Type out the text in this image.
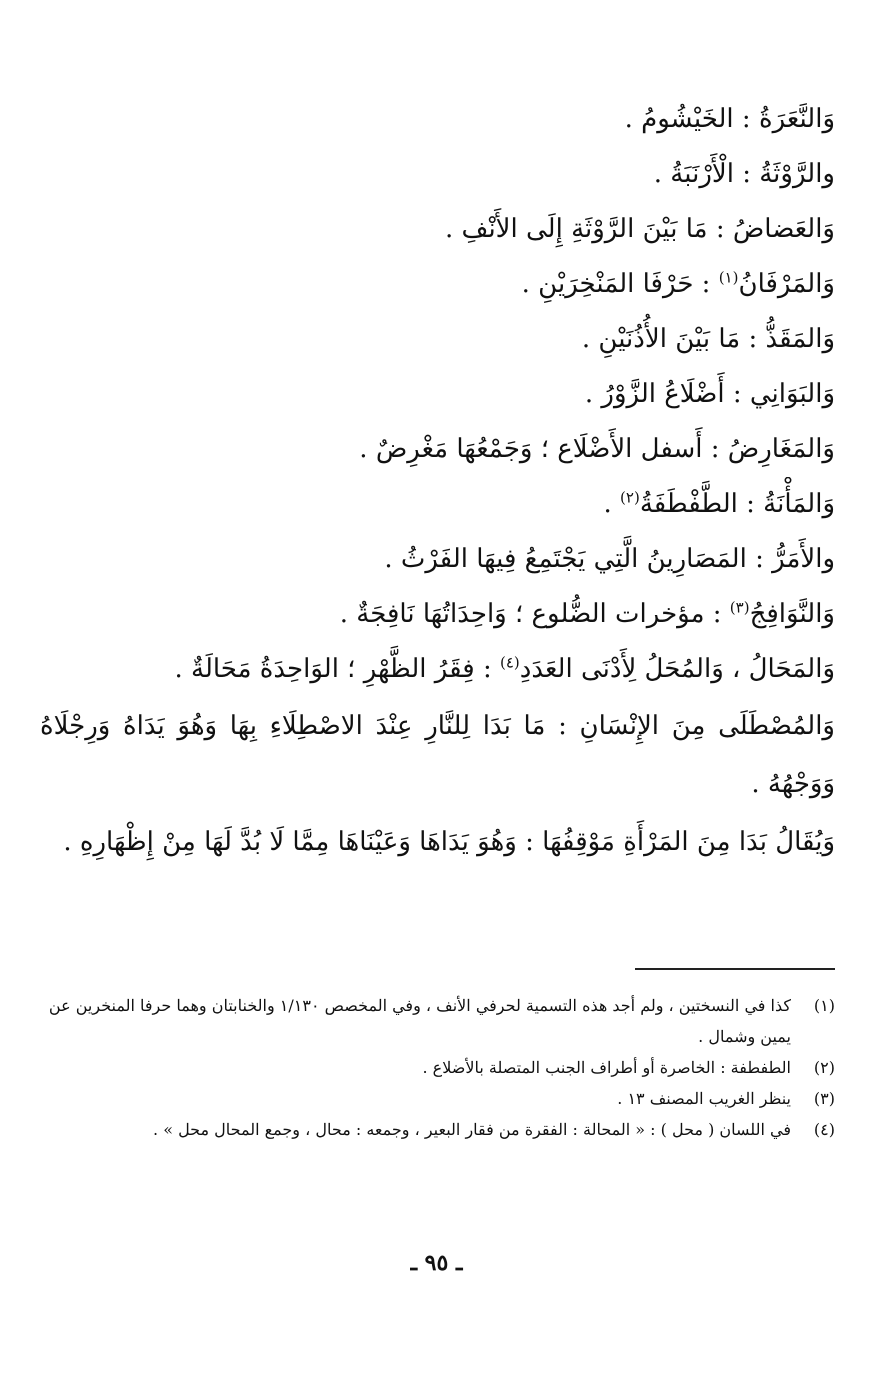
وَالنَّعَرَةُ : الخَيْشُومُ .
والرَّوْثَةُ : الْأَرْنَبَةُ .
وَالعَضاضُ : مَا بَيْنَ الرَّوْثَةِ إِلَى الأَنْفِ .
وَالمَرْفَانُ$^{(١)}$ : حَرْفَا المَنْخِرَيْنِ .
وَالمَقَذُّ : مَا بَيْنَ الأُذُنَيْنِ .
وَالبَوَانِي : أَضْلَاعُ الزَّوْرُ .
وَالمَغَارِضُ : أَسفل الأَضْلَاع ؛ وَجَمْعُهَا مَغْرِضٌ .
وَالمَأْنَةُ : الطَّفْطَفَةُ$^{(٢)}$ .
والأَمَرُّ : المَصَارِينُ الَّتِي يَجْتَمِعُ فِيهَا الفَرْثُ .
وَالنَّوَافِجُ$^{(٣)}$ : مؤخرات الضُّلوع ؛ وَاحِدَاتُهَا نَافِجَةٌ .
وَالمَحَالُ ، وَالمُحَلُ لِأَدْنَى العَدَدِ$^{(٤)}$ : فِقَرُ الظَّهْرِ ؛ الوَاحِدَةُ مَحَالَةٌ .
وَالمُصْطَلَى مِنَ الإِنْسَانِ : مَا بَدَا لِلنَّارِ عِنْدَ الاصْطِلَاءِ بِهَا وَهُوَ يَدَاهُ وَرِجْلَاهُ وَوَجْهُهُ .
وَيُقَالُ بَدَا مِنَ المَرْأَةِ مَوْقِفُهَا : وَهُوَ يَدَاهَا وَعَيْنَاهَا مِمَّا لَا بُدَّ لَهَا مِنْ إِظْهَارِهِ .
(١)
كذا في النسختين ، ولم أجد هذه التسمية لحرفي الأنف ، وفي المخصص ١/١٣٠ والخنابتان وهما حرفا المنخرين عن يمين وشمال .
(٢)
الطفطفة : الخاصرة أو أطراف الجنب المتصلة بالأضلاع .
(٣)
ينظر الغريب المصنف ١٣ .
(٤)
في اللسان ( محل ) : « المحالة : الفقرة من فقار البعير ، وجمعه : محال ، وجمع المحال محل » .
ـ ٩٥ ـ
